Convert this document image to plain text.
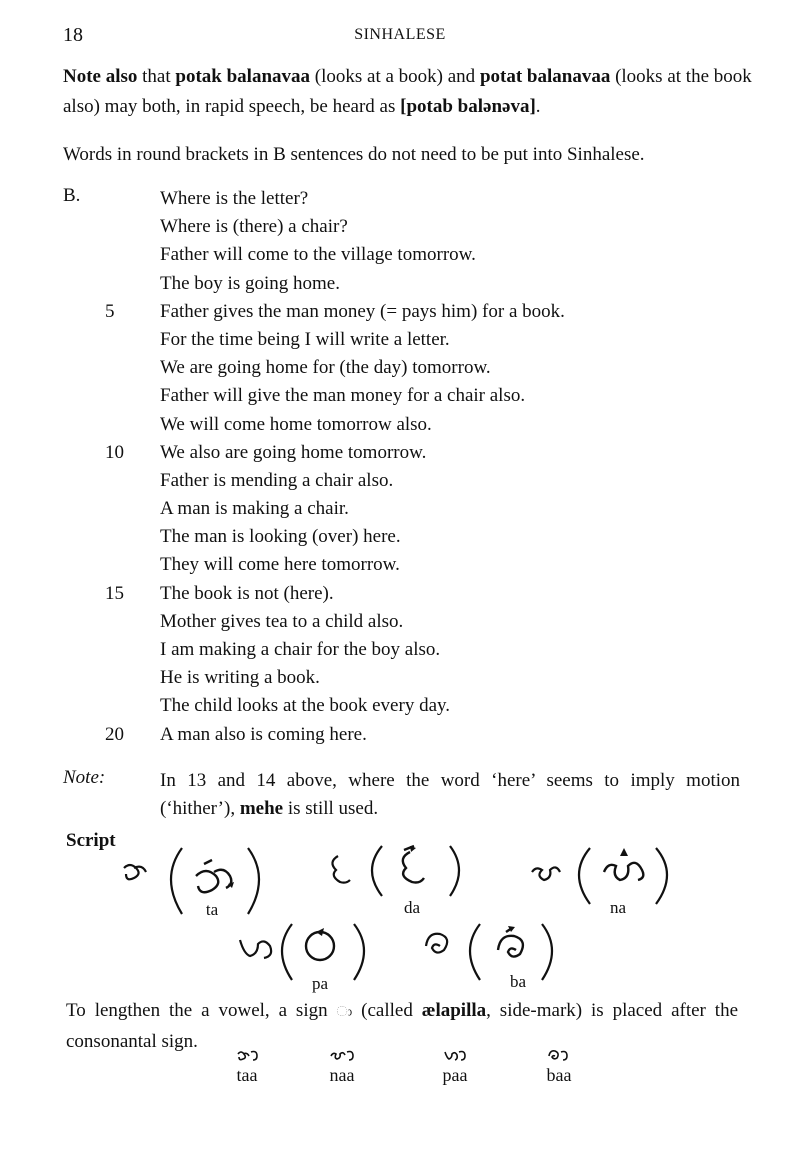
18	SINHALESE
Note also that potak balanavaa (looks at a book) and potat balanavaa (looks at the book also) may both, in rapid speech, be heard as [potab balənəva].
Words in round brackets in B sentences do not need to be put into Sinhalese.
B.	Where is the letter?
Where is (there) a chair?
Father will come to the village tomorrow.
The boy is going home.
5	Father gives the man money (= pays him) for a book.
For the time being I will write a letter.
We are going home for (the day) tomorrow.
Father will give the man money for a chair also.
We will come home tomorrow also.
10	We also are going home tomorrow.
Father is mending a chair also.
A man is making a chair.
The man is looking (over) here.
They will come here tomorrow.
15	The book is not (here).
Mother gives tea to a child also.
I am making a chair for the boy also.
He is writing a book.
The child looks at the book every day.
20	A man also is coming here.
Note:	In 13 and 14 above, where the word ‘here’ seems to imply motion (‘hither’), mehe is still used.
Script
ta	da	na
pa	ba
To lengthen the a vowel, a sign ා (called ælapilla, side-mark) is placed after the consonantal sign.
taa	naa	paa	baa
